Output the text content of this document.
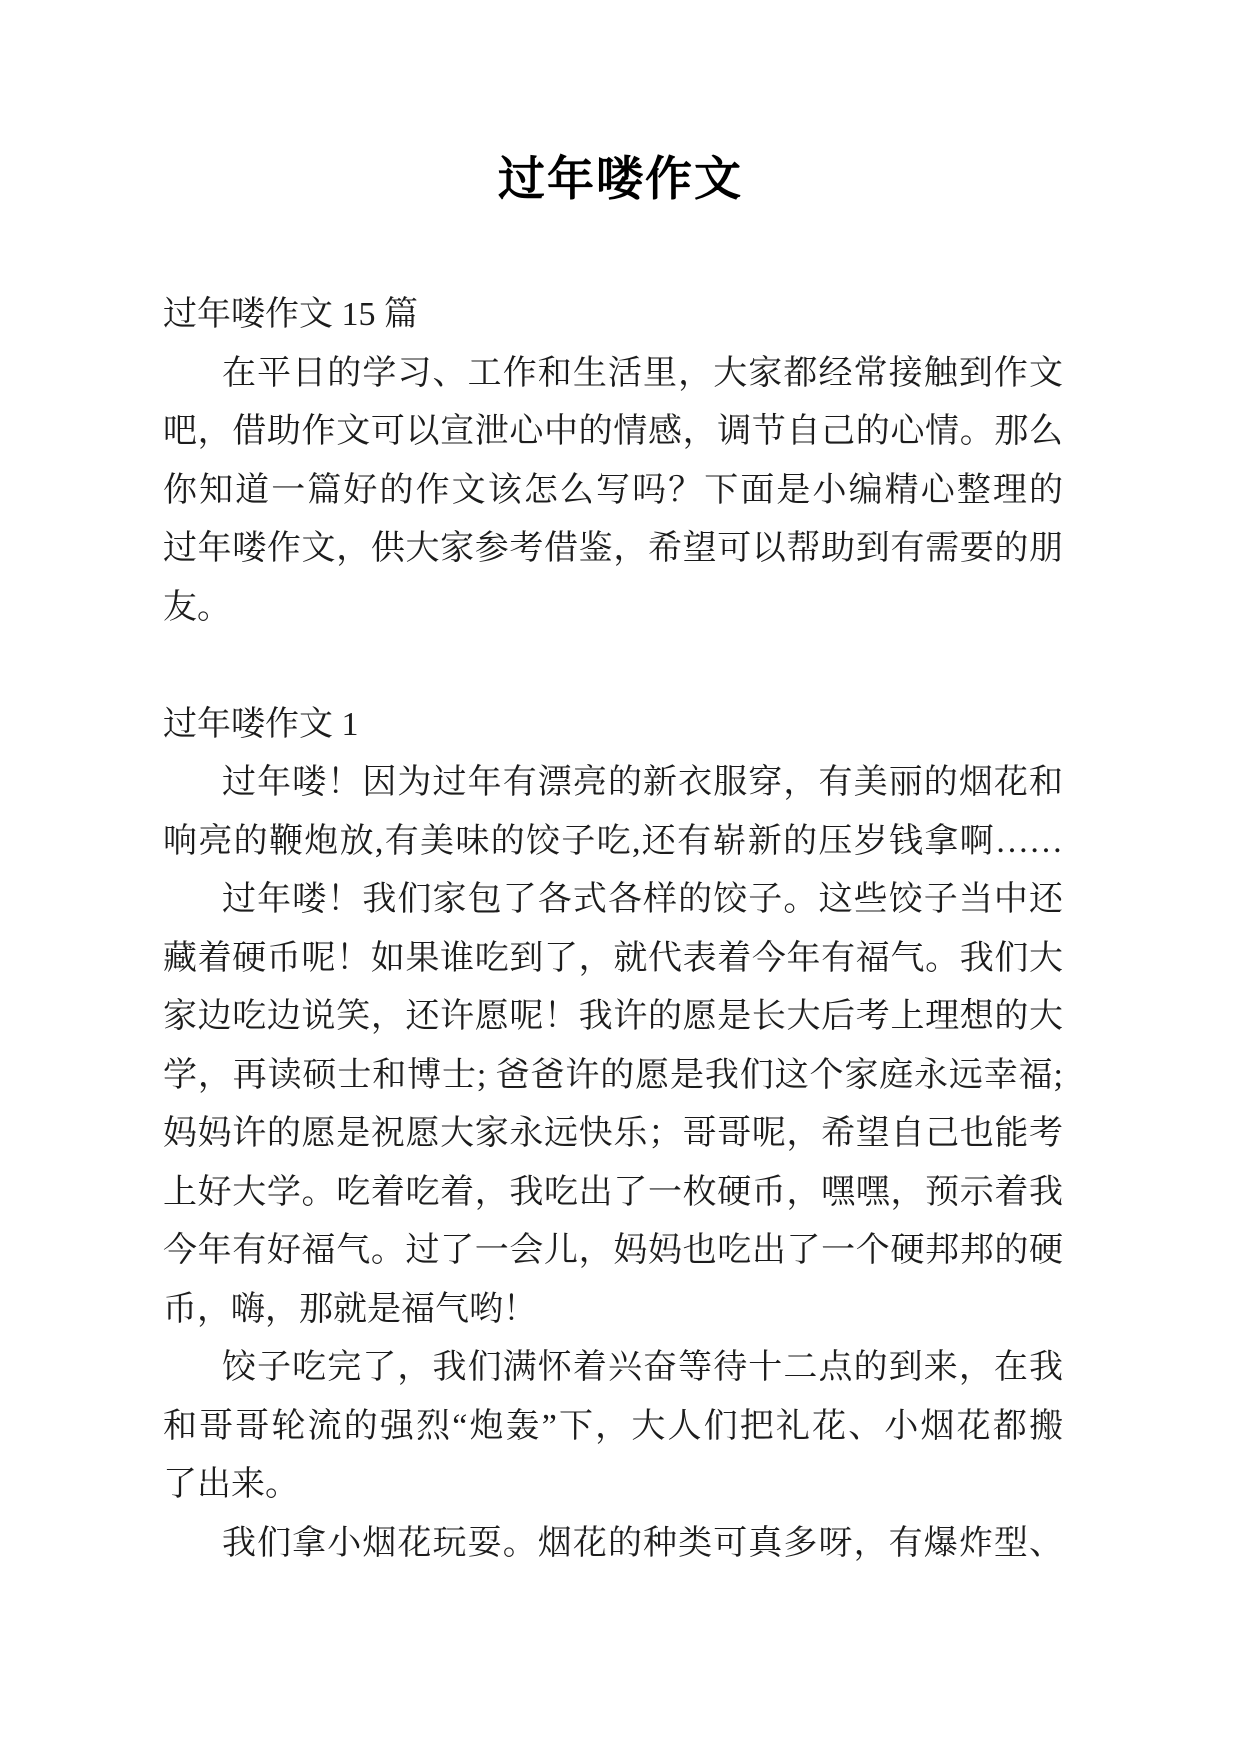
过年喽作文
过年喽作文 15 篇
在平日的学习、工作和生活里，大家都经常接触到作文
吧，借助作文可以宣泄心中的情感，调节自己的心情。那么
你知道一篇好的作文该怎么写吗？下面是小编精心整理的
过年喽作文，供大家参考借鉴，希望可以帮助到有需要的朋
友。
过年喽作文 1
过年喽！因为过年有漂亮的新衣服穿，有美丽的烟花和
响亮的鞭炮放,有美味的饺子吃,还有崭新的压岁钱拿啊……
过年喽！我们家包了各式各样的饺子。这些饺子当中还
藏着硬币呢！如果谁吃到了，就代表着今年有福气。我们大
家边吃边说笑，还许愿呢！我许的愿是长大后考上理想的大
学，再读硕士和博士; 爸爸许的愿是我们这个家庭永远幸福;
妈妈许的愿是祝愿大家永远快乐；哥哥呢，希望自己也能考
上好大学。吃着吃着，我吃出了一枚硬币，嘿嘿，预示着我
今年有好福气。过了一会儿，妈妈也吃出了一个硬邦邦的硬
币，嗨，那就是福气哟！
饺子吃完了，我们满怀着兴奋等待十二点的到来，在我
和哥哥轮流的强烈“炮轰”下，大人们把礼花、小烟花都搬
了出来。
我们拿小烟花玩耍。烟花的种类可真多呀，有爆炸型、
